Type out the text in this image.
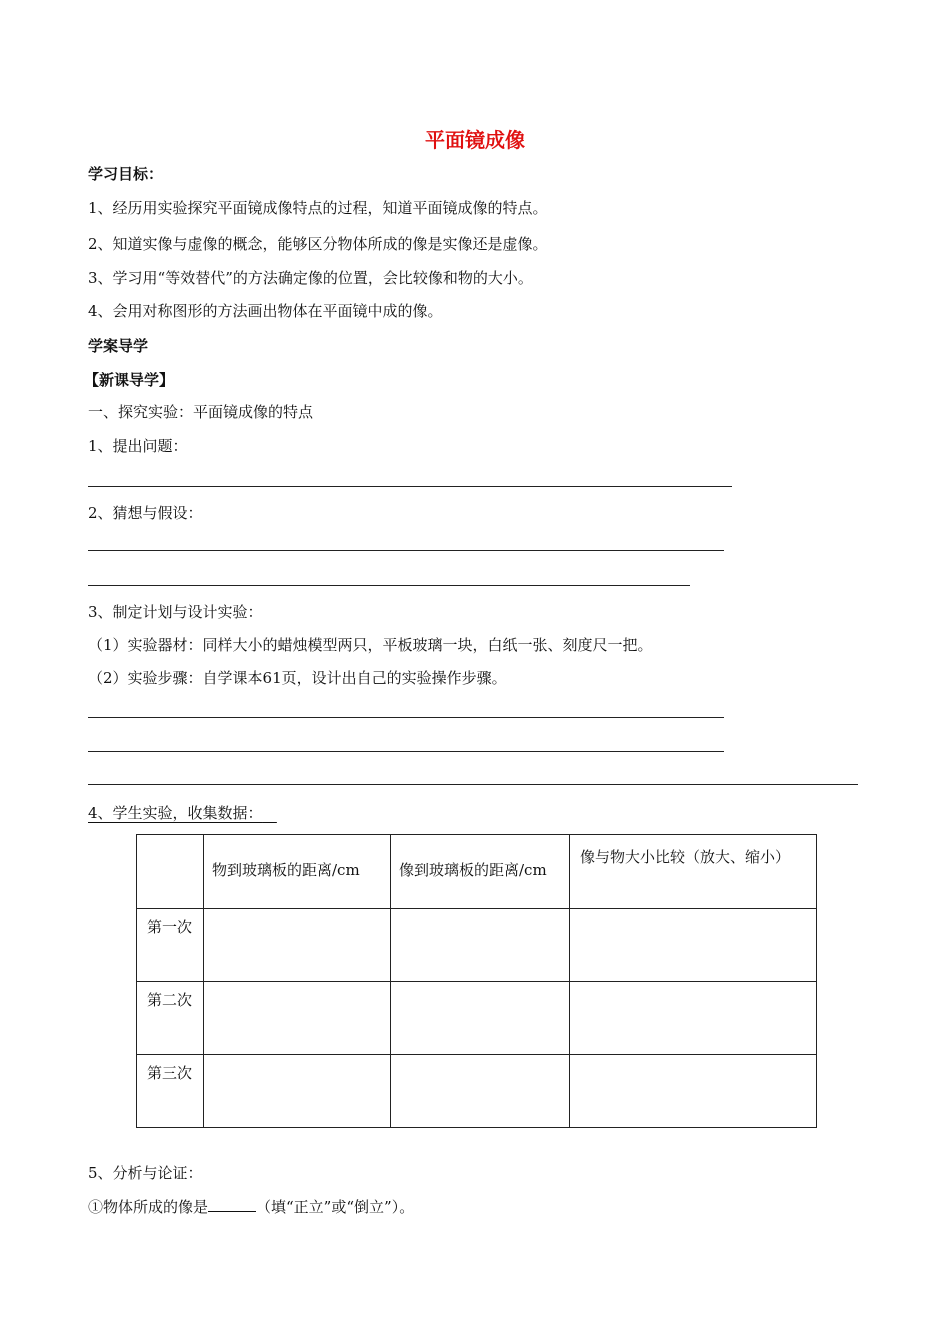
平面镜成像
学习目标：
1、经历用实验探究平面镜成像特点的过程，知道平面镜成像的特点。
2、知道实像与虚像的概念，能够区分物体所成的像是实像还是虚像。
3、学习用“等效替代”的方法确定像的位置，会比较像和物的大小。
4、会用对称图形的方法画出物体在平面镜中成的像。
学案导学
【新课导学】
一、探究实验：平面镜成像的特点
1、提出问题：
2、猜想与假设：
3、制定计划与设计实验：
（1）实验器材：同样大小的蜡烛模型两只，平板玻璃一块，白纸一张、刻度尺一把。
（2）实验步骤：自学课本61页，设计出自己的实验操作步骤。
4、学生实验，收集数据：
	物到玻璃板的距离/cm	像到玻璃板的距离/cm	像与物大小比较（放大、缩小）
第一次			
第二次			
第三次			
5、分析与论证：
①物体所成的像是	（填“正立”或“倒立”）。
